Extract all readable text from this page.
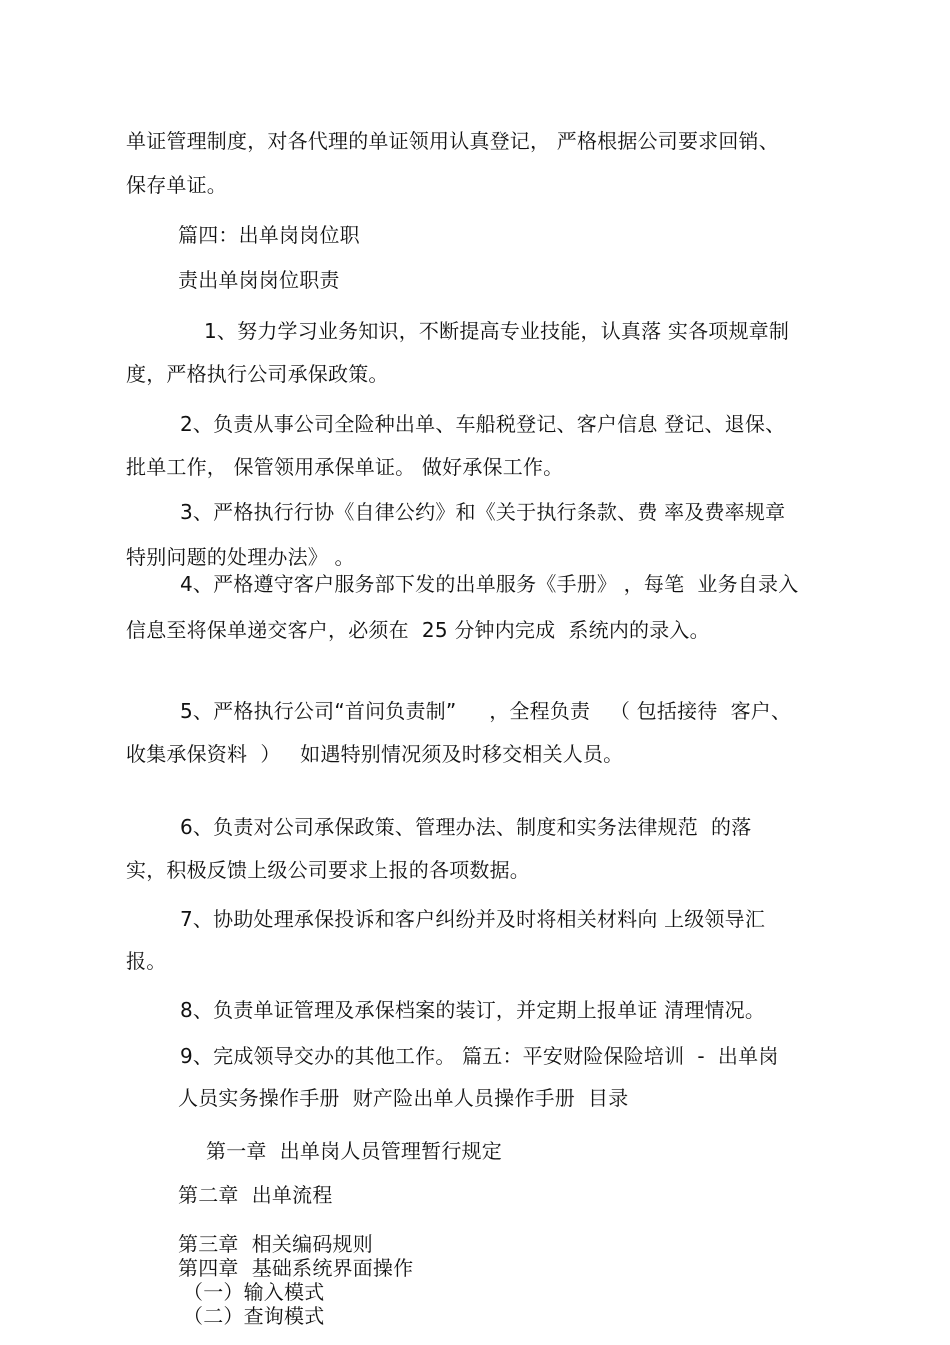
单证管理制度，对各代理的单证领用认真登记， 严格根据公司要求回销、
保存单证。
篇四：出单岗岗位职
责出单岗岗位职责
1、努力学习业务知识，不断提高专业技能，认真落 实各项规章制
度，严格执行公司承保政策。
2、负责从事公司全险种出单、车船税登记、客户信息 登记、退保、
批单工作， 保管领用承保单证。 做好承保工作。
3、严格执行行协《自律公约》和《关于执行条款、费 率及费率规章
特别问题的处理办法》 。
4、严格遵守客户服务部下发的出单服务《手册》 ，每笔  业务自录入
信息至将保单递交客户，必须在  25 分钟内完成  系统内的录入。
5、严格执行公司“首问负责制”     ，全程负责   （ 包括接待  客户、
收集承保资料  ）   如遇特别情况须及时移交相关人员。
6、负责对公司承保政策、管理办法、制度和实务法律规范  的落
实，积极反馈上级公司要求上报的各项数据。
7、协助处理承保投诉和客户纠纷并及时将相关材料向 上级领导汇
报。
8、负责单证管理及承保档案的装订，并定期上报单证 清理情况。
9、完成领导交办的其他工作。 篇五：平安财险保险培训  -  出单岗
人员实务操作手册  财产险出单人员操作手册  目录
第一章  出单岗人员管理暂行规定
第二章  出单流程
第三章  相关编码规则
第四章  基础系统界面操作
（一）输入模式
（二）查询模式
